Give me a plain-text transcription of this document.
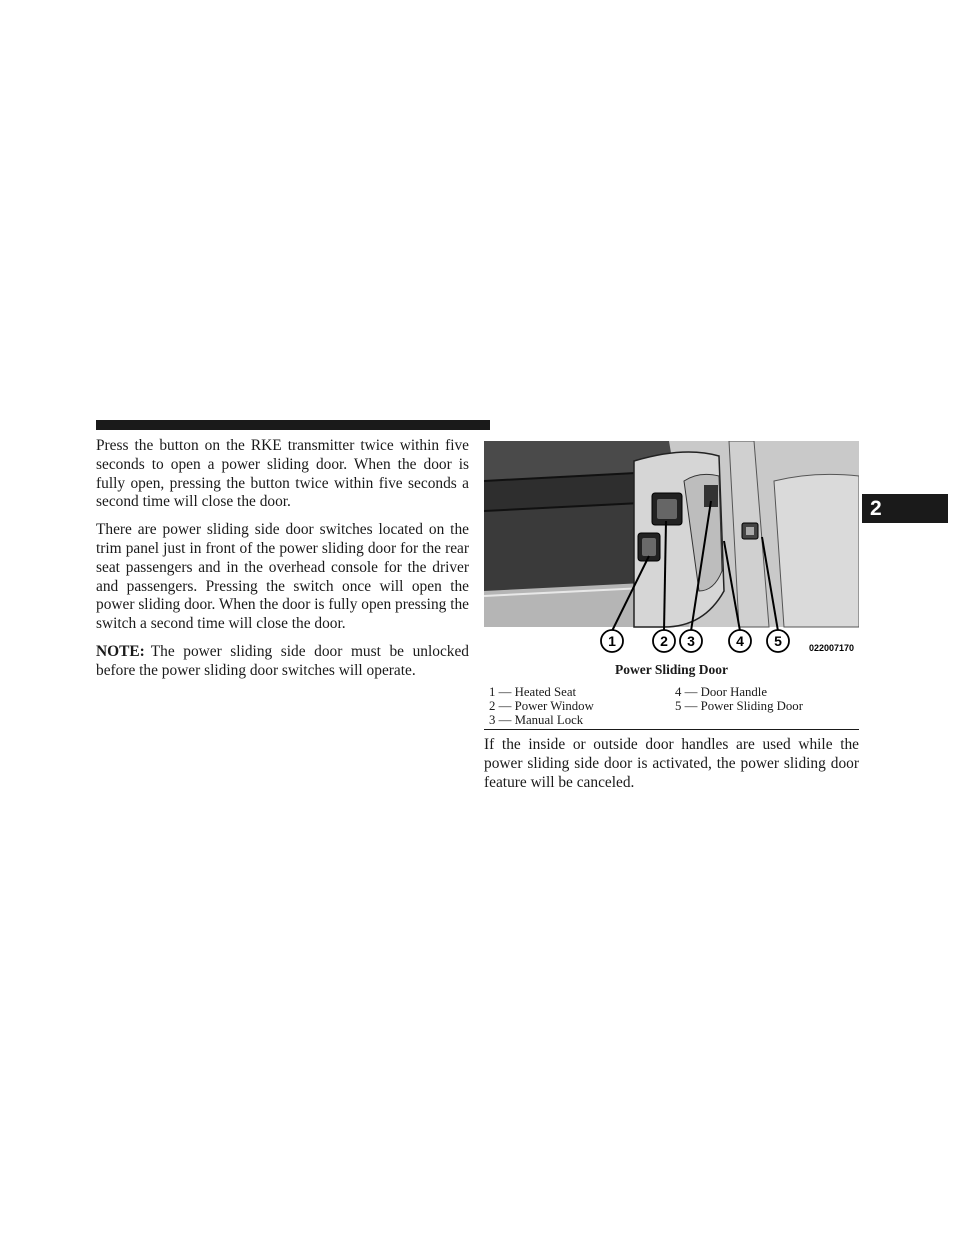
Press the button on the RKE transmitter twice within five seconds to open a power sliding door. When the door is fully open, pressing the button twice within five seconds a second time will close the door.

There are power sliding side door switches located on the trim panel just in front of the power sliding door for the rear seat passengers and in the overhead console for the driver and passengers. Pressing the switch once will open the power sliding door. When the door is fully open pressing the switch a second time will close the door.

NOTE: The power sliding side door must be unlocked before the power sliding door switches will operate.

1	2 3	4 5	022007170
Power Sliding Door
1 — Heated Seat
2 — Power Window
3 — Manual Lock
4 — Door Handle
5 — Power Sliding Door

If the inside or outside door handles are used while the power sliding side door is activated, the power sliding door feature will be canceled.

2
